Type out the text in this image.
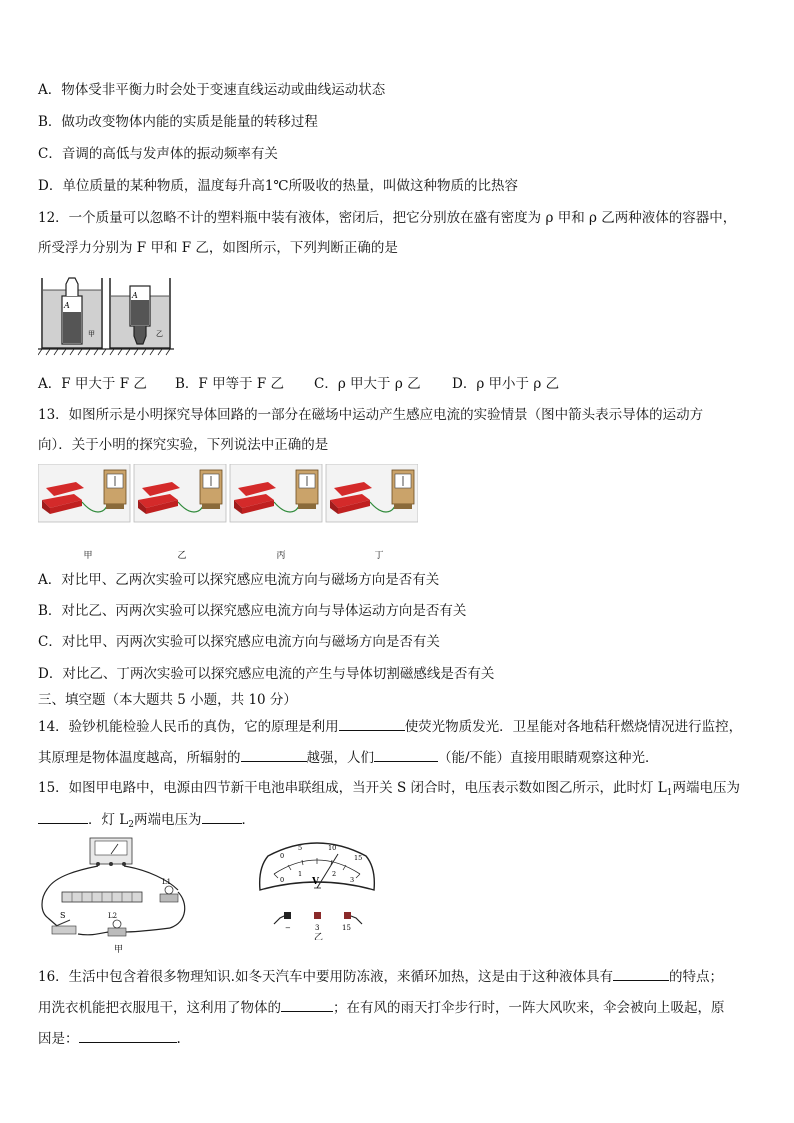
A．物体受非平衡力时会处于变速直线运动或曲线运动状态
B．做功改变物体内能的实质是能量的转移过程
C．音调的高低与发声体的振动频率有关
D．单位质量的某种物质，温度每升高1℃所吸收的热量，叫做这种物质的比热容
12．一个质量可以忽略不计的塑料瓶中装有液体，密闭后，把它分别放在盛有密度为 ρ 甲和 ρ 乙两种液体的容器中，
所受浮力分别为 F 甲和 F 乙，如图所示，下列判断正确的是
A
甲
A
乙
A．F 甲大于 F 乙 B．F 甲等于 F 乙 C．ρ 甲大于 ρ 乙 D．ρ 甲小于 ρ 乙
13．如图所示是小明探究导体回路的一部分在磁场中运动产生感应电流的实验情景（图中箭头表示导体的运动方
向）．关于小明的探究实验，下列说法中正确的是
甲	乙	丙	丁
A．对比甲、乙两次实验可以探究感应电流方向与磁场方向是否有关
B．对比乙、丙两次实验可以探究感应电流方向与导体运动方向是否有关
C．对比甲、丙两次实验可以探究感应电流方向与磁场方向是否有关
D．对比乙、丁两次实验可以探究感应电流的产生与导体切割磁感线是否有关
三、填空题（本大题共 5 小题，共 10 分）
14．验钞机能检验人民币的真伪，它的原理是利用	使荧光物质发光．卫星能对各地秸秆燃烧情况进行监控，
其原理是物体温度越高，所辐射的	越强，人们	（能/不能）直接用眼睛观察这种光．
15．如图甲电路中，电源由四节新干电池串联组成，当开关 S 闭合时，电压表示数如图乙所示，此时灯 $L_1$两端电压为
．灯 $L_2$两端电压为	．
L1
S	L2
甲
0
5	10
15
0
1	2
3
V
−	3	15
乙
16．生活中包含着很多物理知识.如冬天汽车中要用防冻液，来循环加热，这是由于这种液体具有	的特点；
用洗衣机能把衣服甩干，这利用了物体的	；在有风的雨天打伞步行时，一阵大风吹来，伞会被向上吸起，原
因是：	.
